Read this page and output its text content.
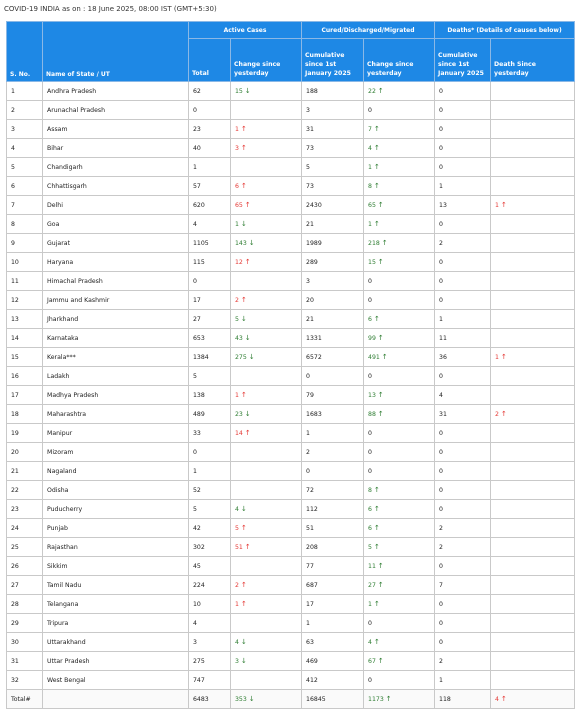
COVID-19 INDIA as on : 18 June 2025, 08:00 IST (GMT+5:30)
S. No.	Name of State / UT	Active Cases		Cured/Discharged/Migrated		Deaths* (Details of causes below)	
		Total	Change since yesterday	Cumulative since 1st January 2025	Change since yesterday	Cumulative since 1st January 2025	Death Since yesterday
1	Andhra Pradesh	62	15 ↓	188	22 ↑	0	
2	Arunachal Pradesh	0		3	0	0	
3	Assam	23	1 ↑	31	7 ↑	0	
4	Bihar	40	3 ↑	73	4 ↑	0	
5	Chandigarh	1		5	1 ↑	0	
6	Chhattisgarh	57	6 ↑	73	8 ↑	1	
7	Delhi	620	65 ↑	2430	65 ↑	13	1 ↑
8	Goa	4	1 ↓	21	1 ↑	0	
9	Gujarat	1105	143 ↓	1989	218 ↑	2	
10	Haryana	115	12 ↑	289	15 ↑	0	
11	Himachal Pradesh	0		3	0	0	
12	Jammu and Kashmir	17	2 ↑	20	0	0	
13	Jharkhand	27	5 ↓	21	6 ↑	1	
14	Karnataka	653	43 ↓	1331	99 ↑	11	
15	Kerala***	1384	275 ↓	6572	491 ↑	36	1 ↑
16	Ladakh	5		0	0	0	
17	Madhya Pradesh	138	1 ↑	79	13 ↑	4	
18	Maharashtra	489	23 ↓	1683	88 ↑	31	2 ↑
19	Manipur	33	14 ↑	1	0	0	
20	Mizoram	0		2	0	0	
21	Nagaland	1		0	0	0	
22	Odisha	52		72	8 ↑	0	
23	Puducherry	5	4 ↓	112	6 ↑	0	
24	Punjab	42	5 ↑	51	6 ↑	2	
25	Rajasthan	302	51 ↑	208	5 ↑	2	
26	Sikkim	45		77	11 ↑	0	
27	Tamil Nadu	224	2 ↑	687	27 ↑	7	
28	Telangana	10	1 ↑	17	1 ↑	0	
29	Tripura	4		1	0	0	
30	Uttarakhand	3	4 ↓	63	4 ↑	0	
31	Uttar Pradesh	275	3 ↓	469	67 ↑	2	
32	West Bengal	747		412	0	1	
Total#		6483	353 ↓	16845	1173 ↑	118	4 ↑
